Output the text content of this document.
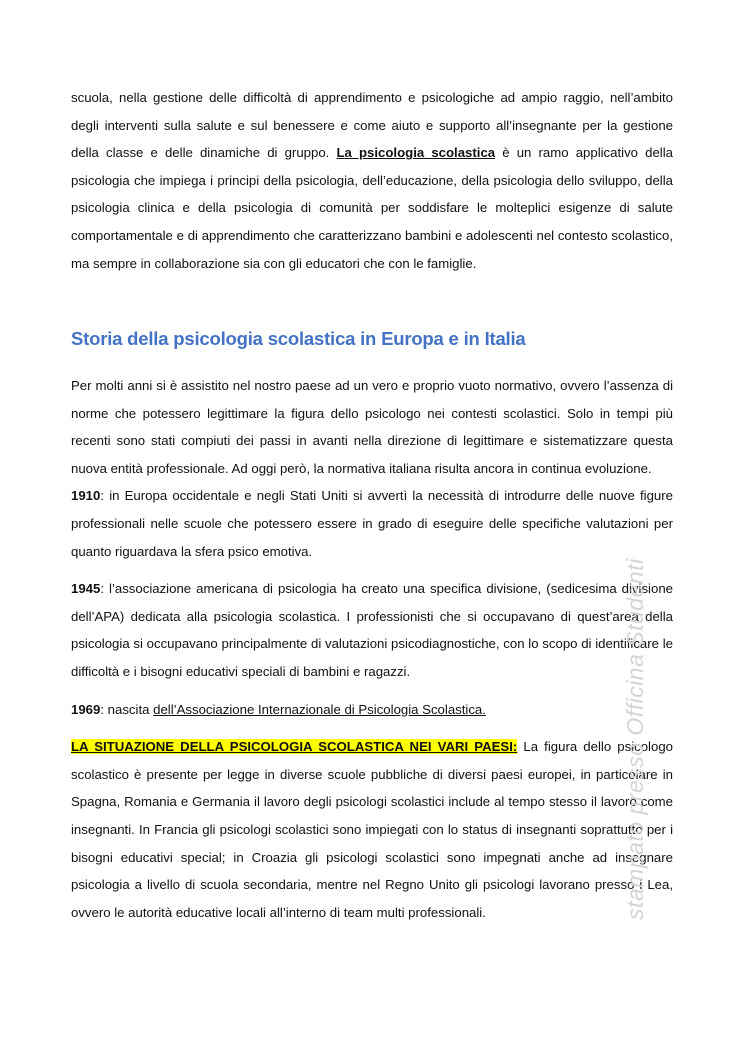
scuola, nella gestione delle difficoltà di apprendimento e psicologiche ad ampio raggio, nell’ambito degli interventi sulla salute e sul benessere e come aiuto e supporto all’insegnante per la gestione della classe e delle dinamiche di gruppo. La psicologia scolastica è un ramo applicativo della psicologia che impiega i principi della psicologia, dell’educazione, della psicologia dello sviluppo, della psicologia clinica e della psicologia di comunità per soddisfare le molteplici esigenze di salute comportamentale e di apprendimento che caratterizzano bambini e adolescenti nel contesto scolastico, ma sempre in collaborazione sia con gli educatori che con le famiglie.

Storia della psicologia scolastica in Europa e in Italia

Per molti anni si è assistito nel nostro paese ad un vero e proprio vuoto normativo, ovvero l’assenza di norme che potessero legittimare la figura dello psicologo nei contesti scolastici. Solo in tempi più recenti sono stati compiuti dei passi in avanti nella direzione di legittimare e sistematizzare questa nuova entità professionale. Ad oggi però, la normativa italiana risulta ancora in continua evoluzione.
1910: in Europa occidentale e negli Stati Uniti si avvertì la necessità di introdurre delle nuove figure professionali nelle scuole che potessero essere in grado di eseguire delle specifiche valutazioni per quanto riguardava la sfera psico emotiva.

1945: l’associazione americana di psicologia ha creato una specifica divisione, (sedicesima divisione dell’APA) dedicata alla psicologia scolastica. I professionisti che si occupavano di quest’area della psicologia si occupavano principalmente di valutazioni psicodiagnostiche, con lo scopo di identificare le difficoltà e i bisogni educativi speciali di bambini e ragazzi.

1969: nascita dell’Associazione Internazionale di Psicologia Scolastica.

LA SITUAZIONE DELLA PSICOLOGIA SCOLASTICA NEI VARI PAESI: La figura dello psicologo scolastico è presente per legge in diverse scuole pubbliche di diversi paesi europei, in particolare in Spagna, Romania e Germania il lavoro degli psicologi scolastici include al tempo stesso il lavoro come insegnanti. In Francia gli psicologi scolastici sono impiegati con lo status di insegnanti soprattutto per i bisogni educativi special; in Croazia gli psicologi scolastici sono impegnati anche ad insegnare psicologia a livello di scuola secondaria, mentre nel Regno Unito gli psicologi lavorano presso i Lea, ovvero le autorità educative locali all’interno di team multi professionali.	stampato presso Officina Studenti
